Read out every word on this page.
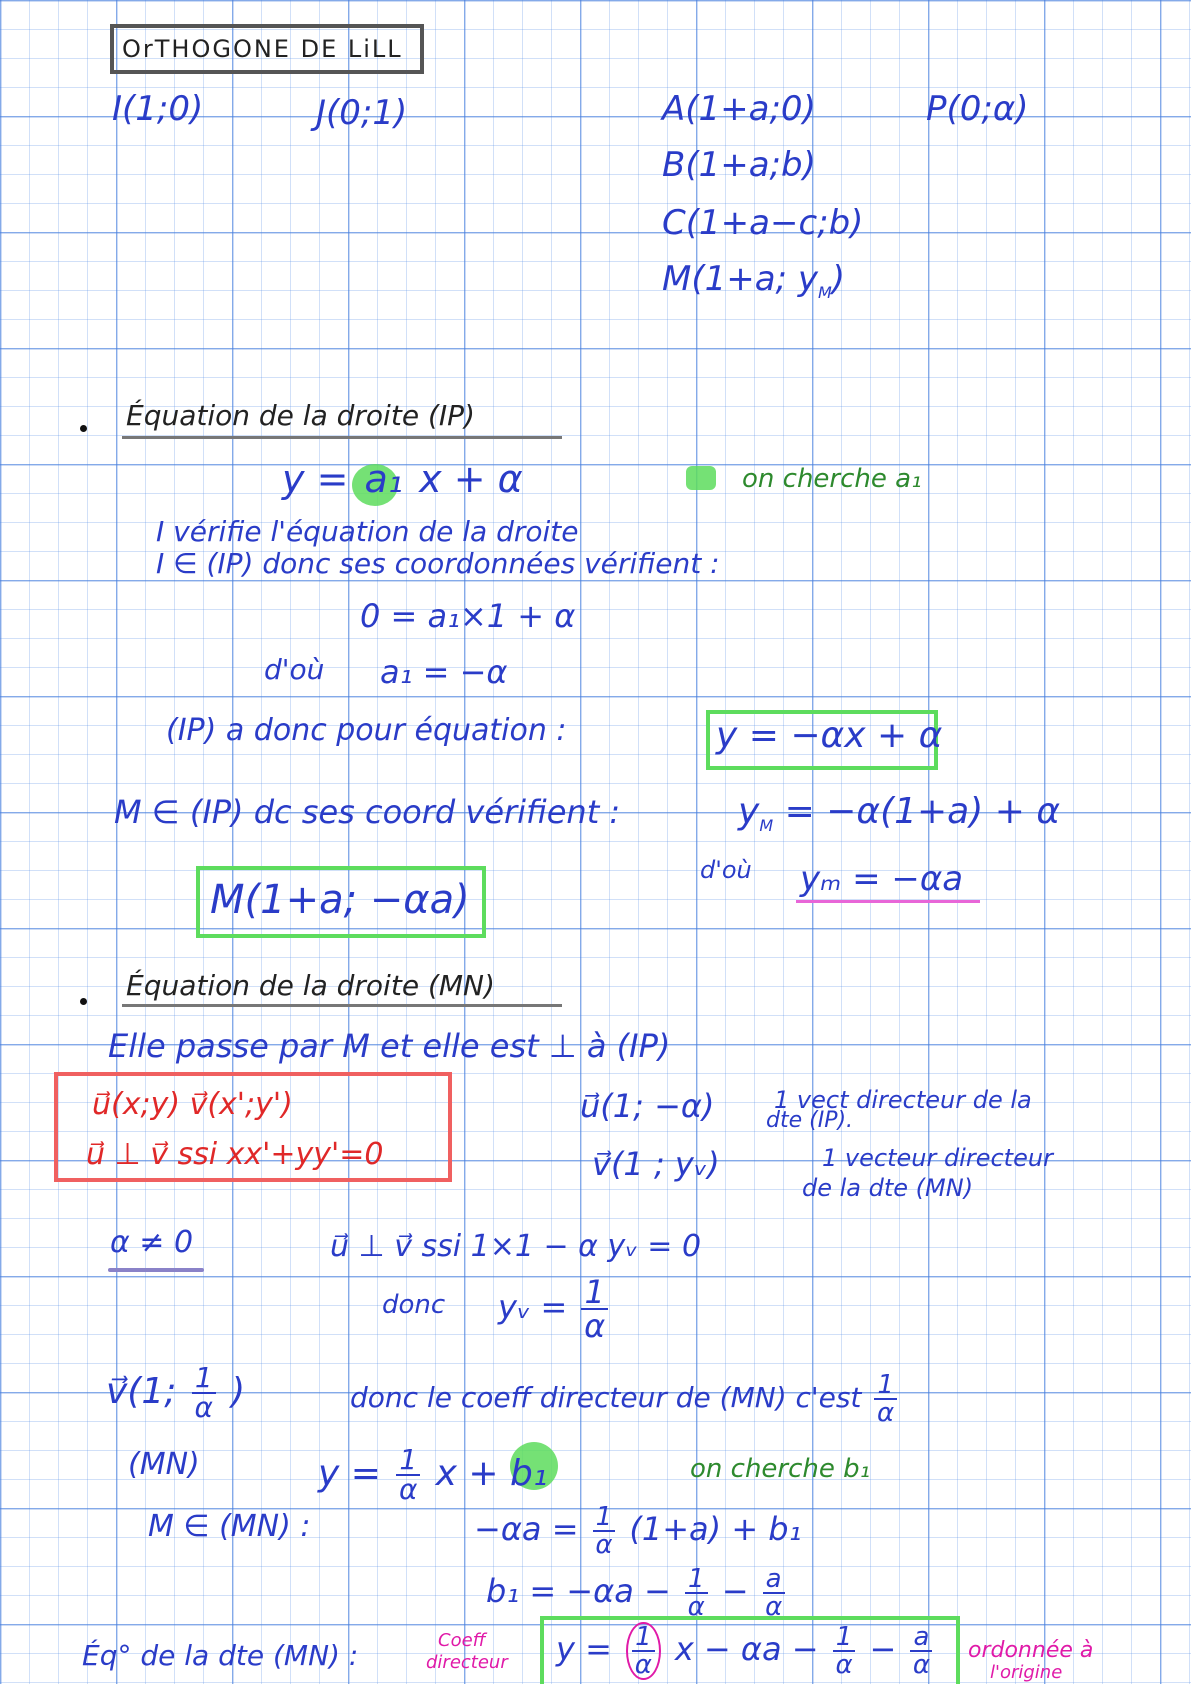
OrTHOGONE DE LiLL
I(1;0)	J(0;1)	A(1+a;0)	P(0;α)
B(1+a;b)
C(1+a−c;b)
M(1+a; $y_M$)
Équation de la droite (IP)
y = a₁ x + α	on cherche a₁
I vérifie l'équation de la droite
I ∈ (IP) donc ses coordonnées vérifient :
0 = a₁×1 + α
d'où a₁ = −α
(IP) a donc pour équation :	y = −αx + α
M ∈ (IP) dc ses coord vérifient :	$y_M = -\alpha(1+a) + \alpha$
d'où yₘ = −αa
M(1+a; −αa)
Équation de la droite (MN)
Elle passe par M et elle est ⊥ à (IP)
u⃗(x;y) v⃗(x';y')
u⃗ ⊥ v⃗ ssi xx'+yy'=0
u⃗(1; −α) 1 vect directeur de la
dte (IP).
v⃗(1 ; yᵥ)	1 vecteur directeur
de la dte (MN)
α ≠ 0	u⃗ ⊥ v⃗ ssi 1×1 − α yᵥ = 0
donc yᵥ = $\frac{1}{\alpha}$
v⃗(1; $\frac{1}{\alpha}$ )	donc le coeff directeur de (MN) $c'est \frac{1}{\alpha}$
(MN)	$y = \frac{1}{\alpha}$ x + b₁	on cherche b₁
M ∈ (MN) :	$-\alpha a = \frac{1}{\alpha} (1+a) + b_1$
$b_1 = -\alpha a - \frac{1}{\alpha} - \frac{a}{\alpha}$
Éq° de la dte (MN) :	Coeff
directeur $y = \frac{1}{\alpha}$ $x - \alpha a - \frac{1}{\alpha} - \frac{a}{\alpha}$ ordonnée à
l'origine
